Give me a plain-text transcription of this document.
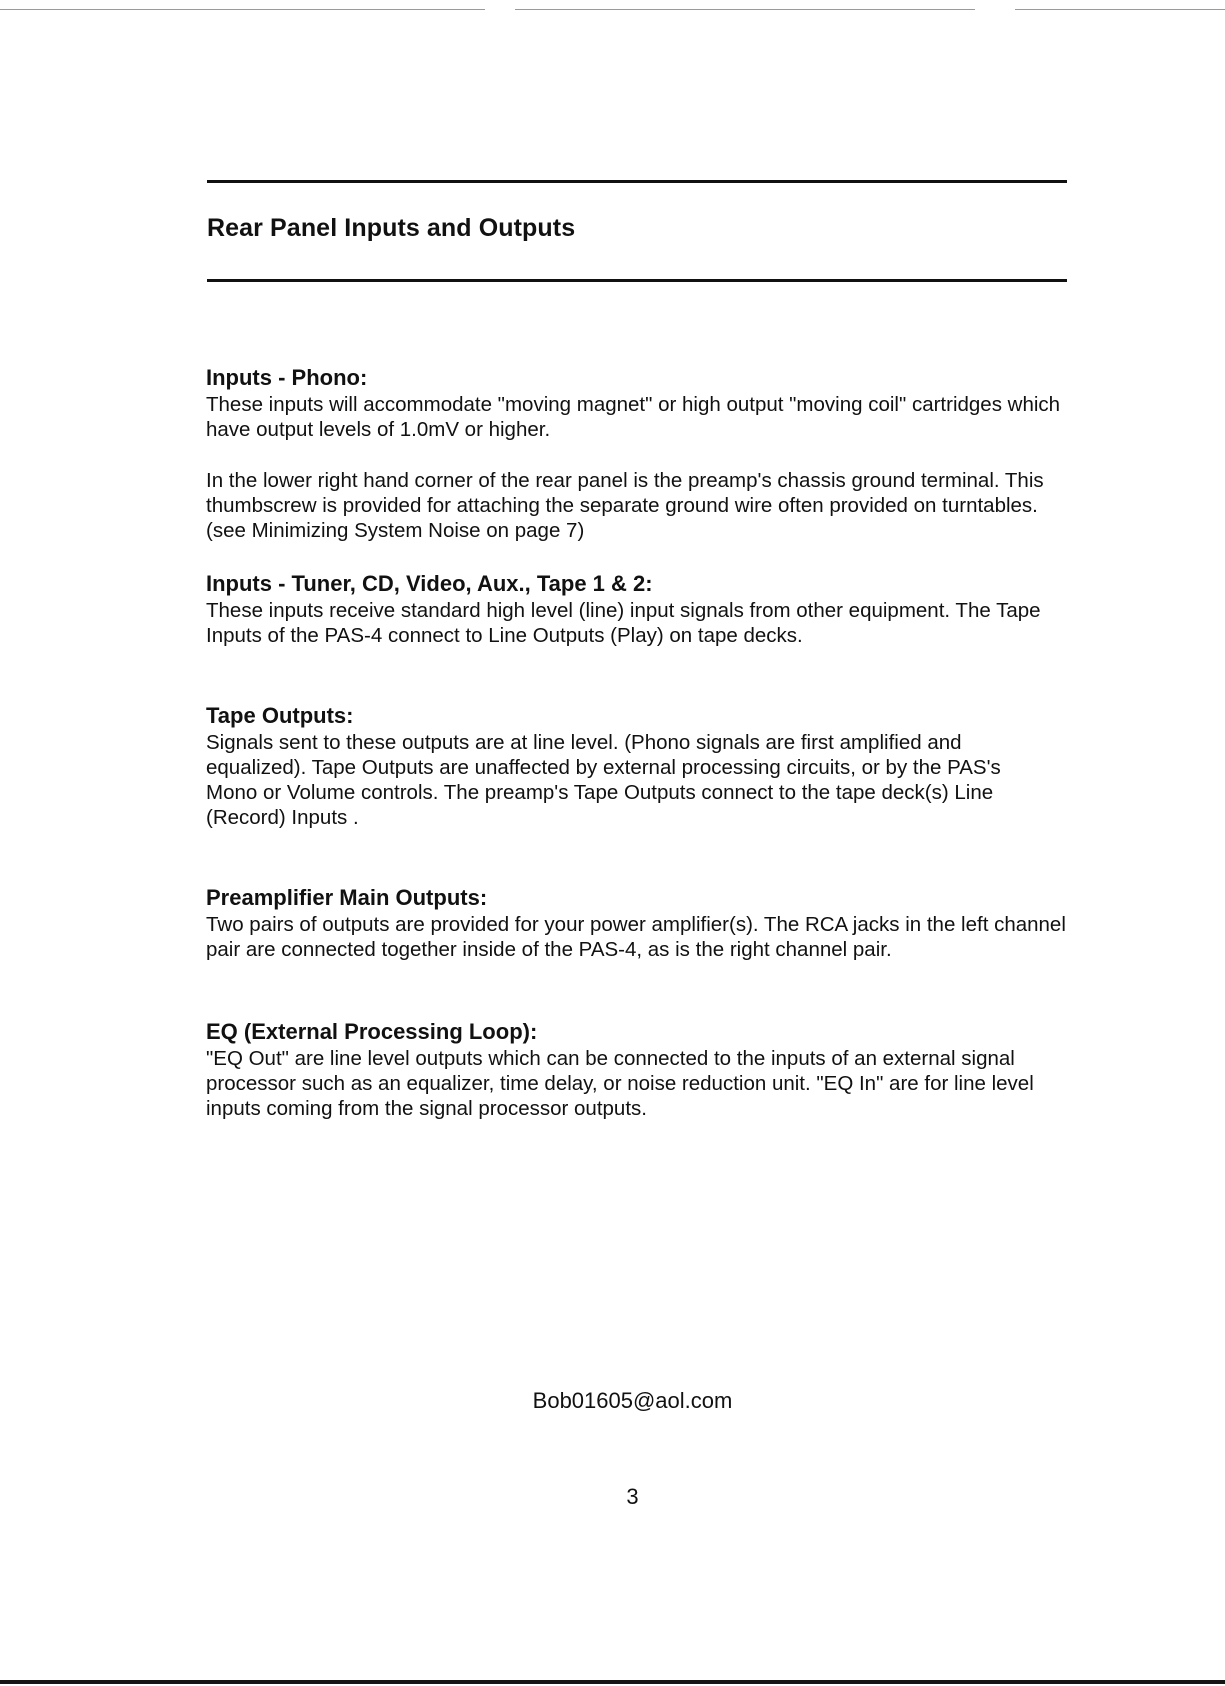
Rear Panel Inputs and Outputs
Inputs - Phono:

These inputs will accommodate "moving magnet" or high output "moving coil" cartridges which have output levels of 1.0mV or higher.

In the lower right hand corner of the rear panel is the preamp's chassis ground terminal. This thumbscrew is provided for attaching the separate ground wire often provided on turntables. (see Minimizing System Noise on page 7)

Inputs - Tuner, CD, Video, Aux., Tape 1 & 2:

These inputs receive standard high level (line) input signals from other equipment. The Tape Inputs of the PAS-4 connect to Line Outputs (Play) on tape decks.

Tape Outputs:

Signals sent to these outputs are at line level. (Phono signals are first amplified and equalized). Tape Outputs are unaffected by external processing circuits, or by the PAS's Mono or Volume controls. The preamp's Tape Outputs connect to the tape deck(s) Line (Record) Inputs .

Preamplifier Main Outputs:

Two pairs of outputs are provided for your power amplifier(s). The RCA jacks in the left channel pair are connected together inside of the PAS-4, as is the right channel pair.

EQ (External Processing Loop):

"EQ Out" are line level outputs which can be connected to the inputs of an external signal processor such as an equalizer, time delay, or noise reduction unit. "EQ In" are for line level inputs coming from the signal processor outputs.

Bob01605@aol.com
3
